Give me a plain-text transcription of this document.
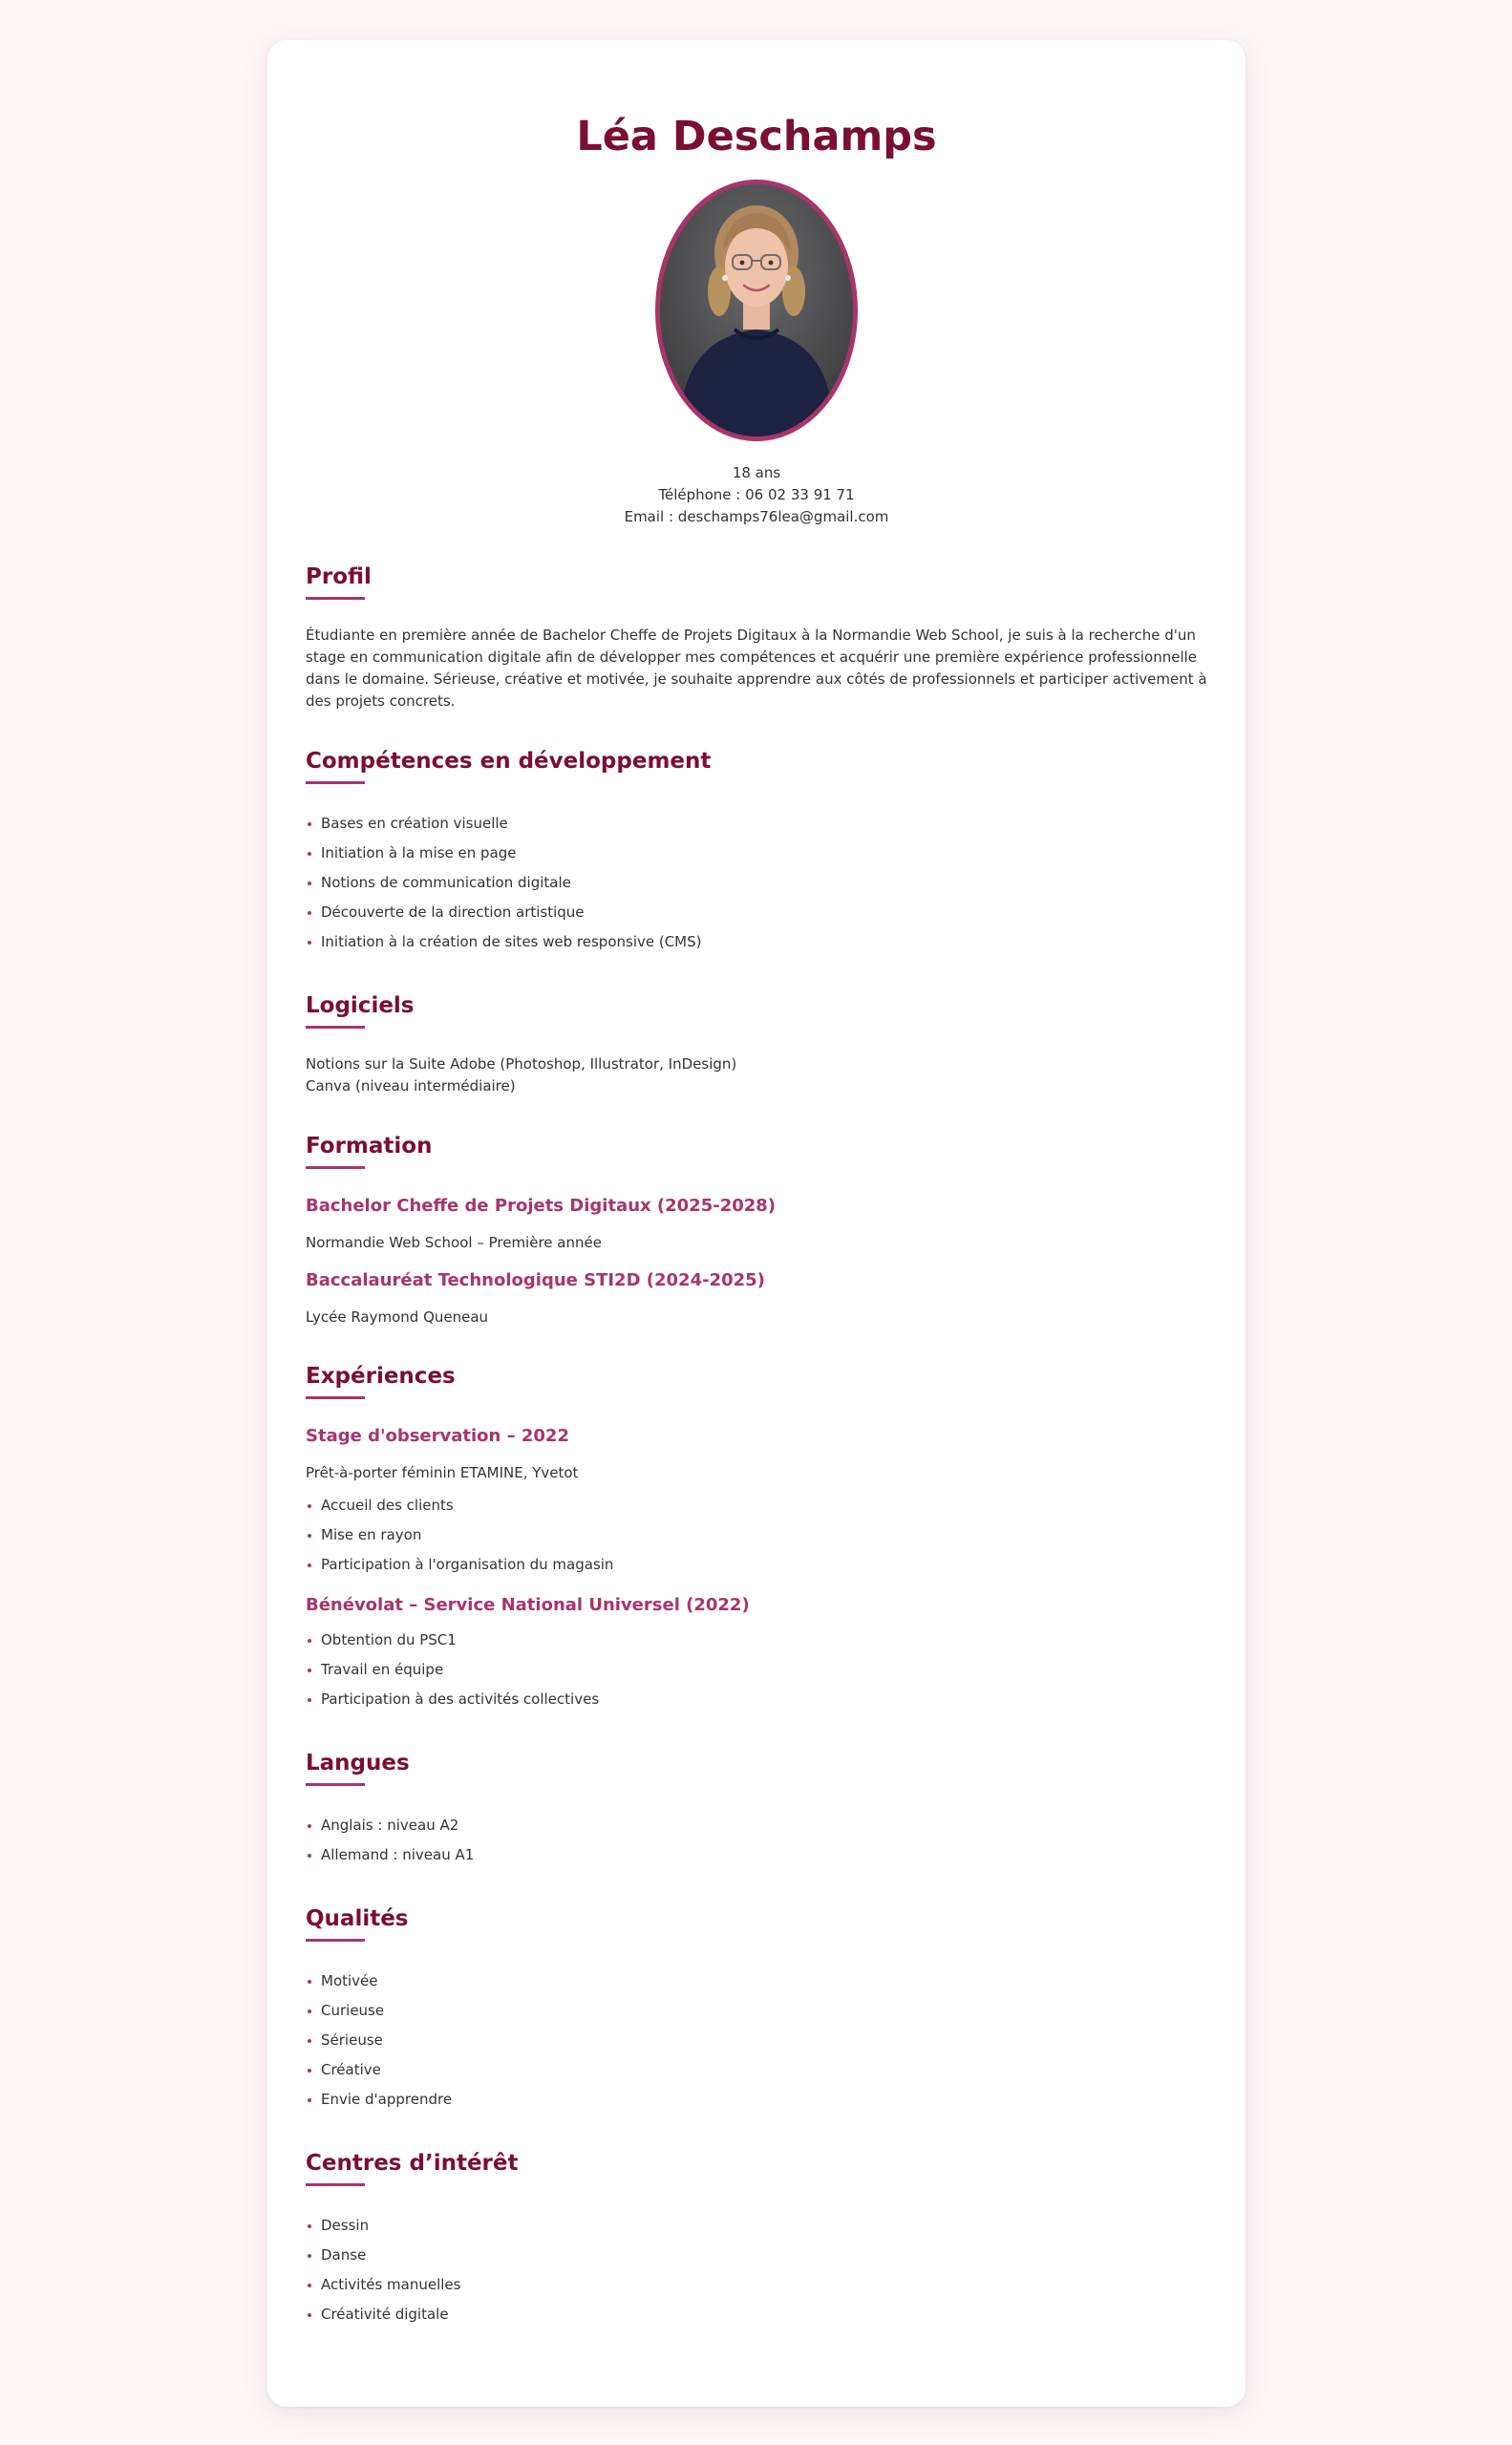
Léa Deschamps
18 ans
Téléphone : 06 02 33 91 71
Email : deschamps76lea@gmail.com
Profil

Étudiante en première année de Bachelor Cheffe de Projets Digitaux à la Normandie Web School, je suis à la recherche d'un stage en communication digitale afin de développer mes compétences et acquérir une première expérience professionnelle dans le domaine. Sérieuse, créative et motivée, je souhaite apprendre aux côtés de professionnels et participer activement à des projets concrets.

Compétences en développement
Bases en création visuelle
Initiation à la mise en page
Notions de communication digitale
Découverte de la direction artistique
Initiation à la création de sites web responsive (CMS)
Logiciels
Notions sur la Suite Adobe (Photoshop, Illustrator, InDesign)
Canva (niveau intermédiaire)
Formation
Bachelor Cheffe de Projets Digitaux (2025-2028)

Normandie Web School – Première année

Baccalauréat Technologique STI2D (2024-2025)

Lycée Raymond Queneau

Expériences
Stage d'observation – 2022

Prêt-à-porter féminin ETAMINE, Yvetot

Accueil des clients
Mise en rayon
Participation à l'organisation du magasin
Bénévolat – Service National Universel (2022)
Obtention du PSC1
Travail en équipe
Participation à des activités collectives
Langues
Anglais : niveau A2
Allemand : niveau A1
Qualités
Motivée
Curieuse
Sérieuse
Créative
Envie d'apprendre
Centres d’intérêt
Dessin
Danse
Activités manuelles
Créativité digitale
